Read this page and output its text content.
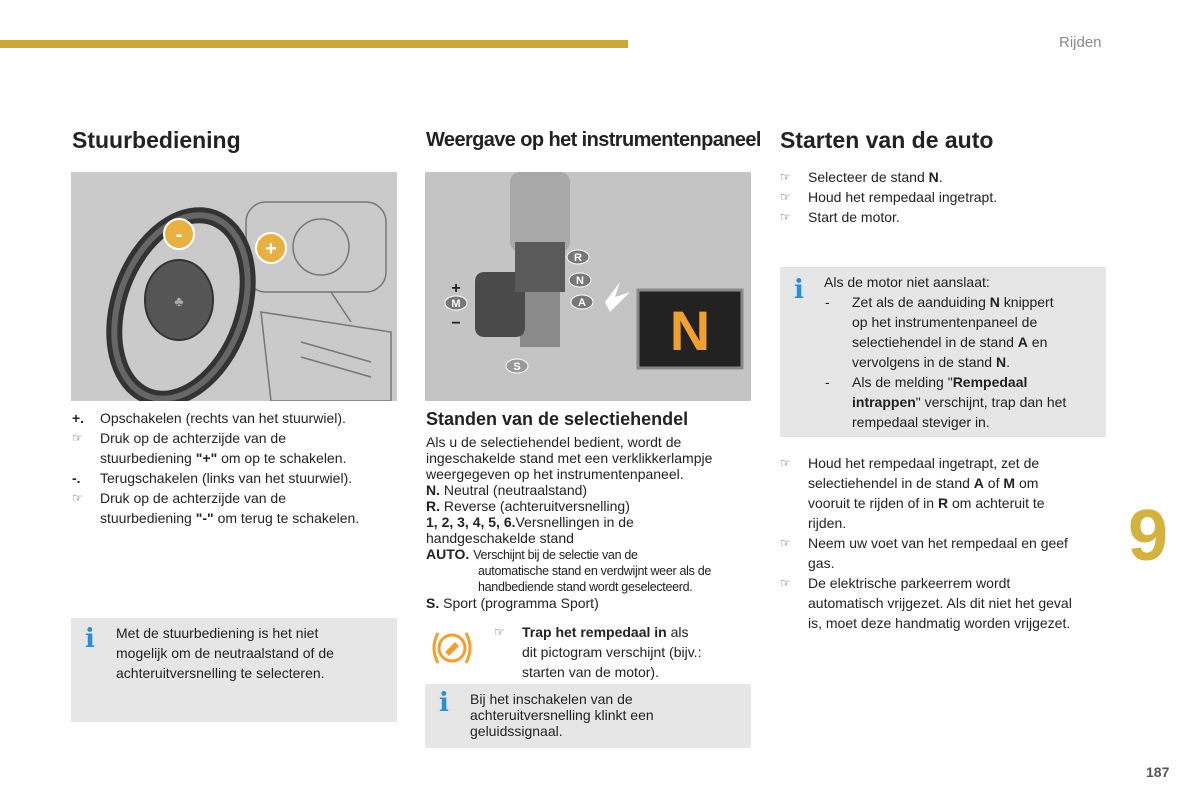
Rijden
9
187
Stuurbediening
♣
-
+
+. Opschakelen (rechts van het stuurwiel).
☞ Druk op de achterzijde van de
stuurbediening "+" om op te schakelen.
-. Terugschakelen (links van het stuurwiel).
☞ Druk op de achterzijde van de
stuurbediening "-" om terug te schakelen.
i Met de stuurbediening is het niet
mogelijk om de neutraalstand of de
achteruitversnelling te selecteren.
Weergave op het instrumentenpaneel
R
N
A
M
+
−
S
N
Standen van de selectiehendel
Als u de selectiehendel bedient, wordt de
ingeschakelde stand met een verklikkerlampje
weergegeven op het instrumentenpaneel.
N. Neutral (neutraalstand)
R. Reverse (achteruitversnelling)
1, 2, 3, 4, 5, 6.Versnellingen in de
handgeschakelde stand
AUTO. Verschijnt bij de selectie van de
automatische stand en verdwijnt weer als de
handbediende stand wordt geselecteerd.
S. Sport (programma Sport)
☞ Trap het rempedaal in als
dit pictogram verschijnt (bijv.:
starten van de motor).
i Bij het inschakelen van de
achteruitversnelling klinkt een
geluidssignaal.
Starten van de auto
☞ Selecteer de stand N.
☞ Houd het rempedaal ingetrapt.
☞ Start de motor.
i Als de motor niet aanslaat:
- Zet als de aanduiding N knippert
op het instrumentenpaneel de
selectiehendel in de stand A en
vervolgens in de stand N.
- Als de melding "Rempedaal
intrappen" verschijnt, trap dan het
rempedaal steviger in.
☞ Houd het rempedaal ingetrapt, zet de
selectiehendel in de stand A of M om
vooruit te rijden of in R om achteruit te
rijden.
☞ Neem uw voet van het rempedaal en geef
gas.
☞ De elektrische parkeerrem wordt
automatisch vrijgezet. Als dit niet het geval
is, moet deze handmatig worden vrijgezet.
